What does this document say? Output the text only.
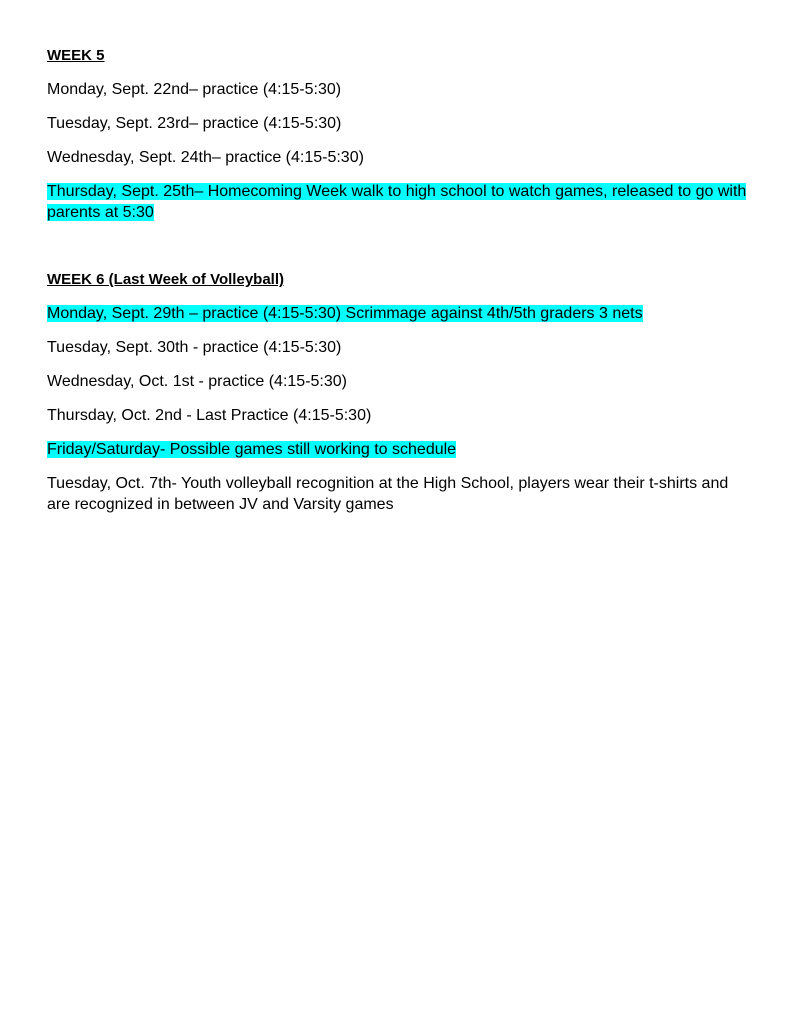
WEEK 5
Monday, Sept. 22nd– practice (4:15-5:30)
Tuesday, Sept. 23rd– practice (4:15-5:30)
Wednesday, Sept. 24th– practice (4:15-5:30)
Thursday, Sept. 25th– Homecoming Week walk to high school to watch games, released to go with parents at 5:30
WEEK 6 (Last Week of Volleyball)
Monday, Sept. 29th – practice (4:15-5:30) Scrimmage against 4th/5th graders 3 nets
Tuesday, Sept. 30th - practice (4:15-5:30)
Wednesday, Oct. 1st - practice (4:15-5:30)
Thursday, Oct. 2nd - Last Practice (4:15-5:30)
Friday/Saturday- Possible games still working to schedule
Tuesday, Oct. 7th- Youth volleyball recognition at the High School, players wear their t-shirts and are recognized in between JV and Varsity games
